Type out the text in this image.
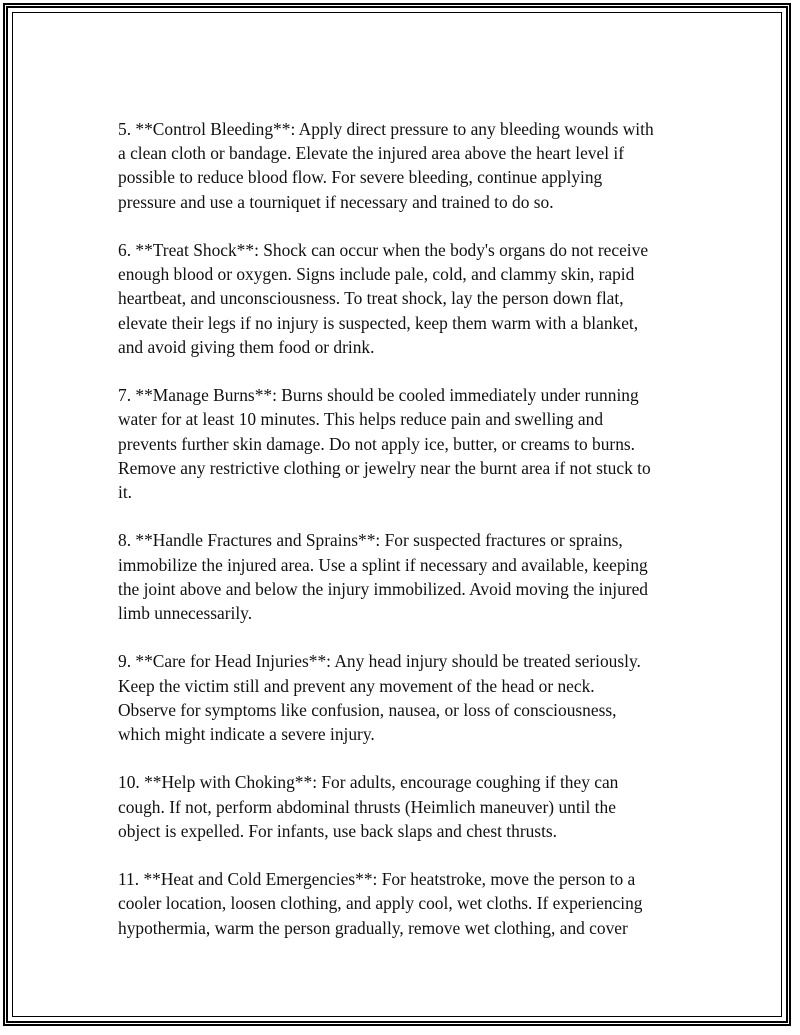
5. **Control Bleeding**: Apply direct pressure to any bleeding wounds with
a clean cloth or bandage. Elevate the injured area above the heart level if
possible to reduce blood flow. For severe bleeding, continue applying
pressure and use a tourniquet if necessary and trained to do so.

6. **Treat Shock**: Shock can occur when the body's organs do not receive
enough blood or oxygen. Signs include pale, cold, and clammy skin, rapid
heartbeat, and unconsciousness. To treat shock, lay the person down flat,
elevate their legs if no injury is suspected, keep them warm with a blanket,
and avoid giving them food or drink.

7. **Manage Burns**: Burns should be cooled immediately under running
water for at least 10 minutes. This helps reduce pain and swelling and
prevents further skin damage. Do not apply ice, butter, or creams to burns.
Remove any restrictive clothing or jewelry near the burnt area if not stuck to
it.

8. **Handle Fractures and Sprains**: For suspected fractures or sprains,
immobilize the injured area. Use a splint if necessary and available, keeping
the joint above and below the injury immobilized. Avoid moving the injured
limb unnecessarily.

9. **Care for Head Injuries**: Any head injury should be treated seriously.
Keep the victim still and prevent any movement of the head or neck.
Observe for symptoms like confusion, nausea, or loss of consciousness,
which might indicate a severe injury.

10. **Help with Choking**: For adults, encourage coughing if they can
cough. If not, perform abdominal thrusts (Heimlich maneuver) until the
object is expelled. For infants, use back slaps and chest thrusts.

11. **Heat and Cold Emergencies**: For heatstroke, move the person to a
cooler location, loosen clothing, and apply cool, wet cloths. If experiencing
hypothermia, warm the person gradually, remove wet clothing, and cover
